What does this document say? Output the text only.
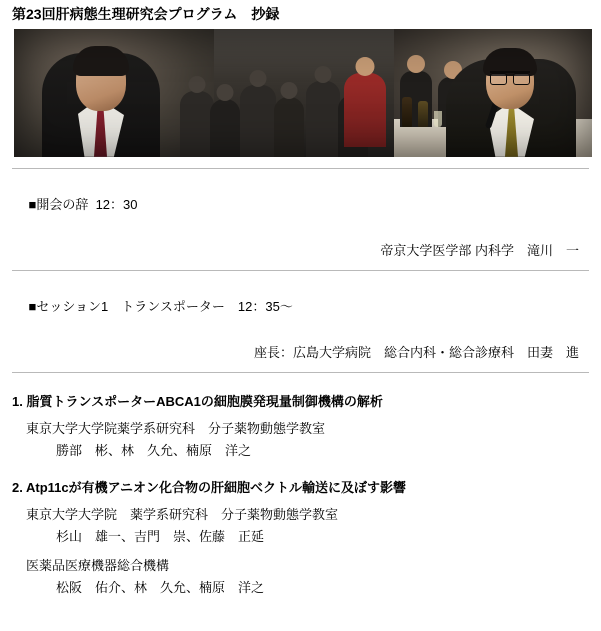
第23回肝病態生理研究会プログラム　抄録

■開会の辞 12：30

帝京大学医学部 内科学　滝川　一

■セッション1　トランスポーター　12：35〜

座長：広島大学病院　総合内科・総合診療科　田妻　進
1. 脂質トランスポーターABCA1の細胞膜発現量制御機構の解析
東京大学大学院薬学系研究科　分子薬物動態学教室
勝部　彬、林　久允、楠原　洋之
2. Atp11cが有機アニオン化合物の肝細胞ベクトル輸送に及ぼす影響
東京大学大学院　薬学系研究科　分子薬物動態学教室
杉山　雄一、吉門　崇、佐藤　正延
医薬品医療機器総合機構
松阪　佑介、林　久允、楠原　洋之
